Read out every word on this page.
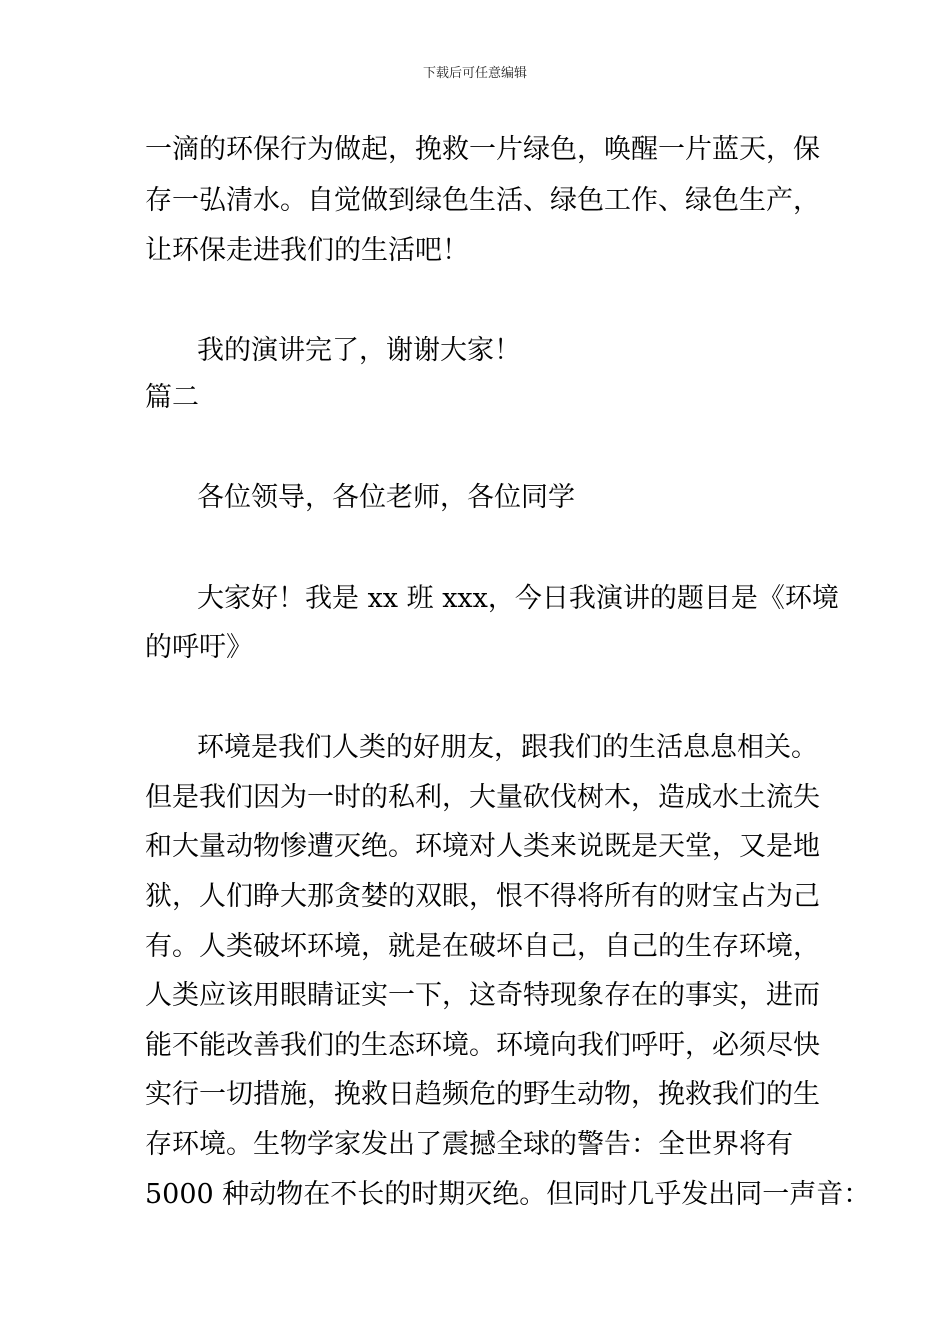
下载后可任意编辑
一滴的环保行为做起，挽救一片绿色，唤醒一片蓝天，保
存一弘清水。自觉做到绿色生活、绿色工作、绿色生产，
让环保走进我们的生活吧！
我的演讲完了，谢谢大家！
篇二
各位领导，各位老师，各位同学
大家好！我是 xx 班 xxx，今日我演讲的题目是《环境
的呼吁》
环境是我们人类的好朋友，跟我们的生活息息相关。
但是我们因为一时的私利，大量砍伐树木，造成水土流失
和大量动物惨遭灭绝。环境对人类来说既是天堂，又是地
狱，人们睁大那贪婪的双眼，恨不得将所有的财宝占为己
有。人类破坏环境，就是在破坏自己，自己的生存环境，
人类应该用眼睛证实一下，这奇特现象存在的事实，进而
能不能改善我们的生态环境。环境向我们呼吁，必须尽快
实行一切措施，挽救日趋频危的野生动物，挽救我们的生
存环境。生物学家发出了震撼全球的警告：全世界将有
5000 种动物在不长的时期灭绝。但同时几乎发出同一声音：
